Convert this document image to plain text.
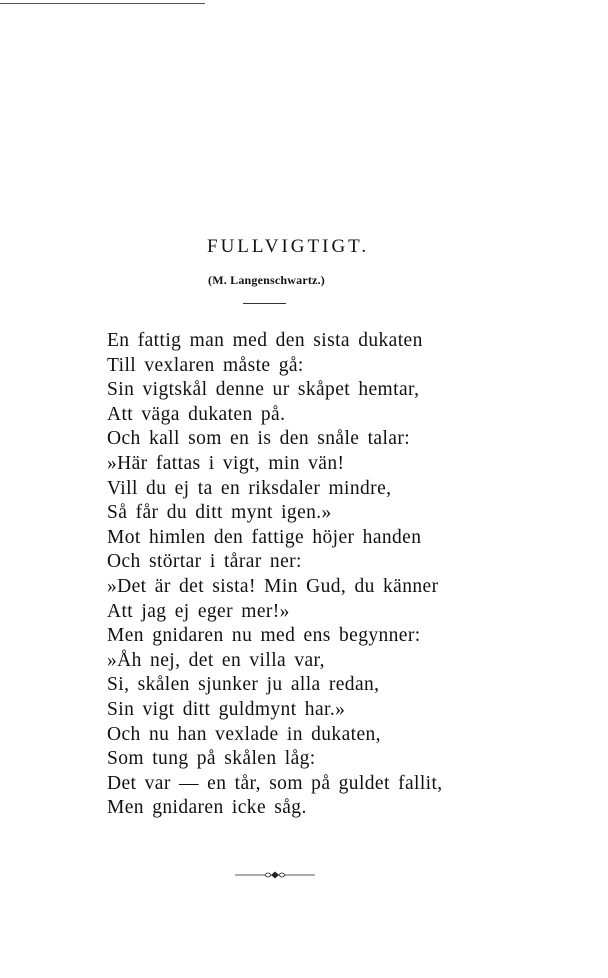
FULLVIGTIGT.
(M. Langenschwartz.)
En fattig man med den sista dukaten
Till vexlaren måste gå:
Sin vigtskål denne ur skåpet hemtar,
Att väga dukaten på.
Och kall som en is den snåle talar:
»Här fattas i vigt, min vän!
Vill du ej ta en riksdaler mindre,
Så får du ditt mynt igen.»
Mot himlen den fattige höjer handen
Och störtar i tårar ner:
»Det är det sista! Min Gud, du känner
Att jag ej eger mer!»
Men gnidaren nu med ens begynner:
»Åh nej, det en villa var,
Si, skålen sjunker ju alla redan,
Sin vigt ditt guldmynt har.»
Och nu han vexlade in dukaten,
Som tung på skålen låg:
Det var — en tår, som på guldet fallit,
Men gnidaren icke såg.
